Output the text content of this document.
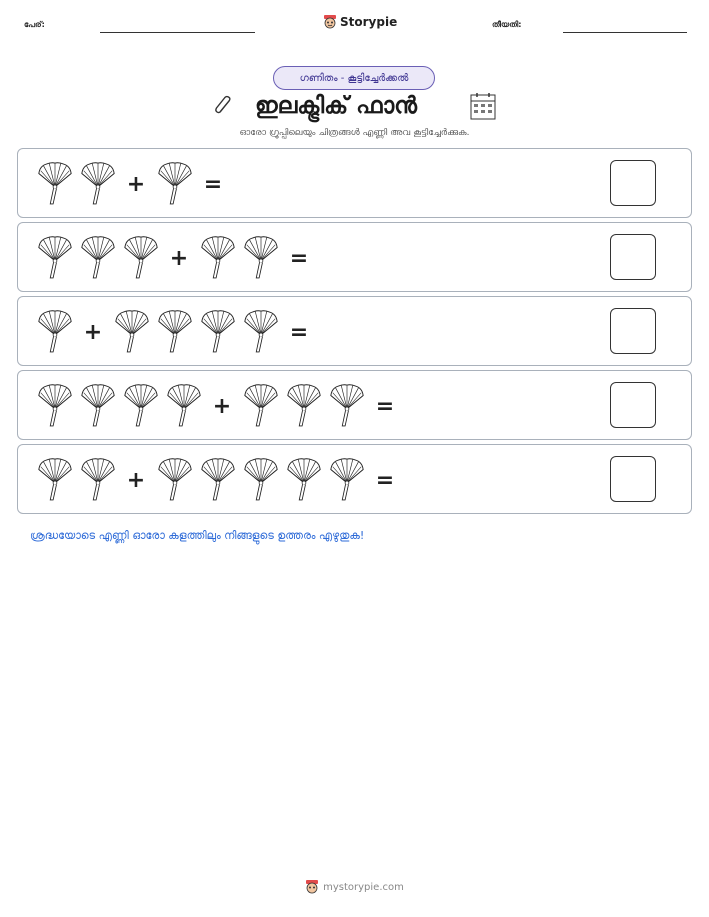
പേര്:	Storypie	തീയതി:
ഗണിതം - കൂട്ടിച്ചേർക്കൽ
ഇലക്ട്രിക് ഫാൻ
ഓരോ ഗ്രൂപ്പിലെയും ചിത്രങ്ങൾ എണ്ണി അവ കൂട്ടിച്ചേർക്കുക.
+	=
+	=
+	=
+	=
+	=
ശ്രദ്ധയോടെ എണ്ണി ഓരോ കളത്തിലും നിങ്ങളുടെ ഉത്തരം എഴുതുക!
mystorypie.com
